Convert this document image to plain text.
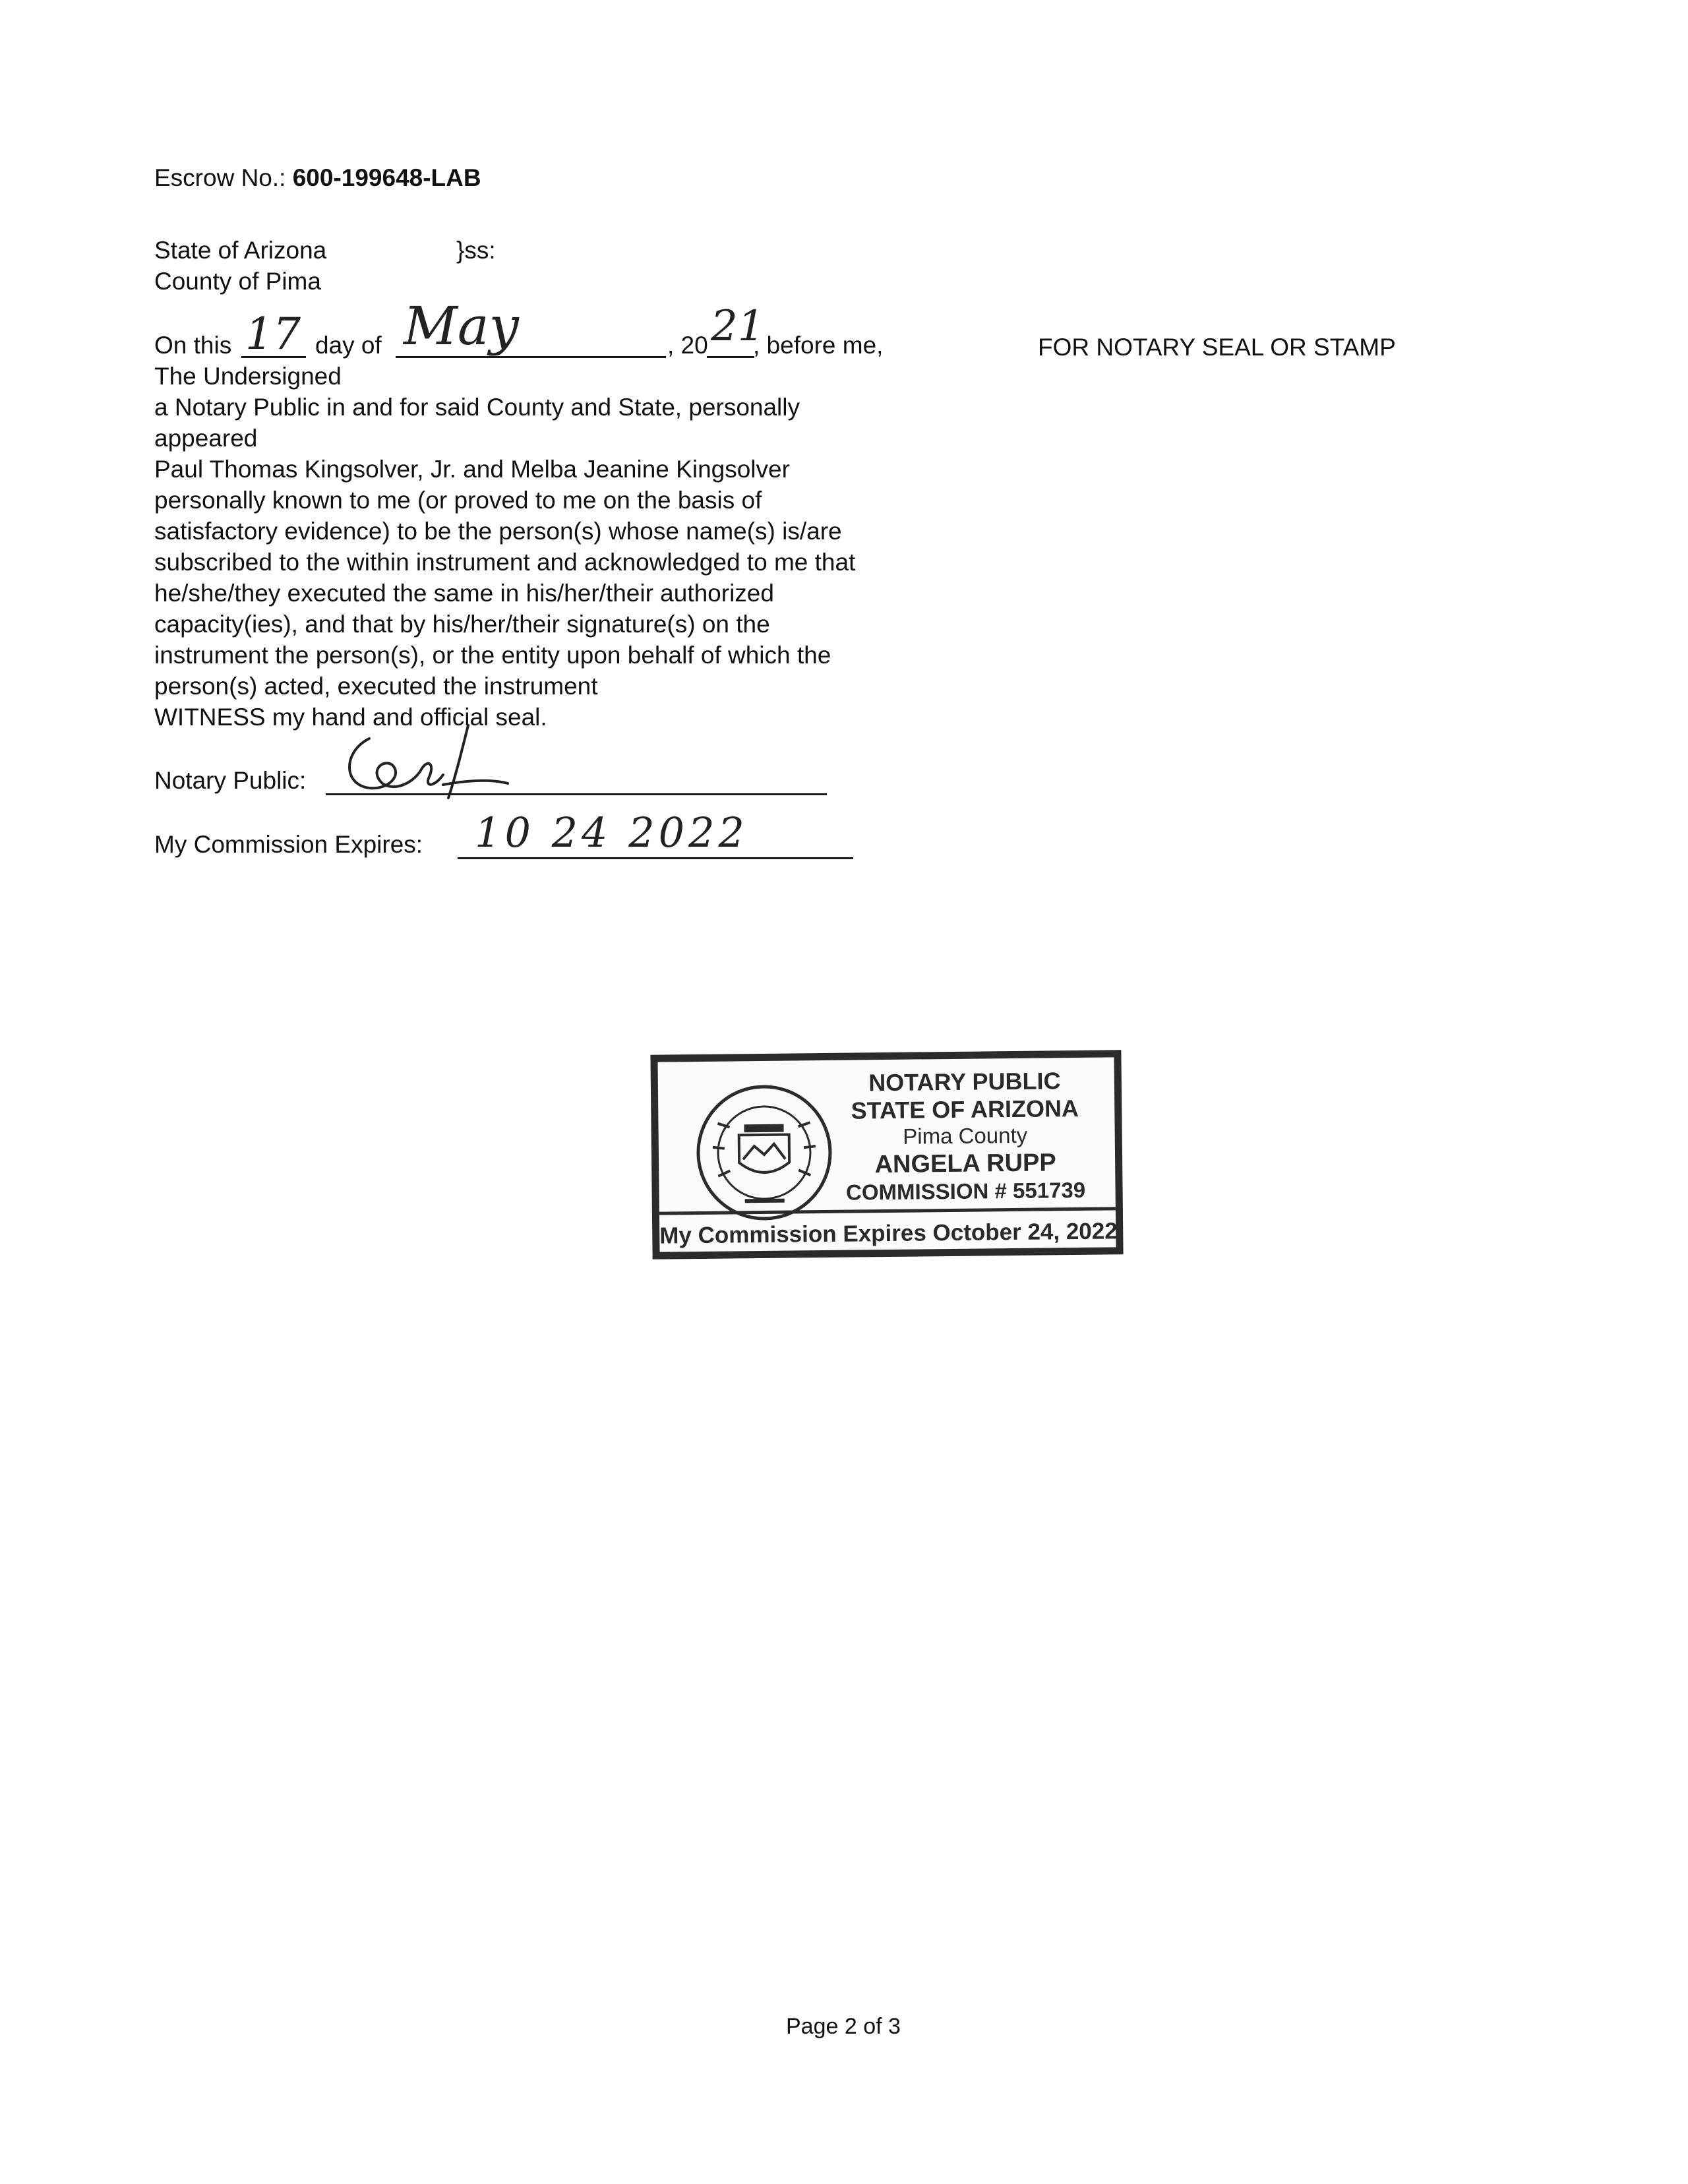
Escrow No.: 600-199648-LAB
State of Arizona	}ss:
County of Pima
On this 17 day of May	, 20 21
, before me,	FOR NOTARY SEAL OR STAMP
The Undersigned
a Notary Public in and for said County and State, personally
appeared
Paul Thomas Kingsolver, Jr. and Melba Jeanine Kingsolver
personally known to me (or proved to me on the basis of
satisfactory evidence) to be the person(s) whose name(s) is/are
subscribed to the within instrument and acknowledged to me that
he/she/they executed the same in his/her/their authorized
capacity(ies), and that by his/her/their signature(s) on the
instrument the person(s), or the entity upon behalf of which the
person(s) acted, executed the instrument
WITNESS my hand and official seal.
Notary Public:
My Commission Expires: 10 24 2022
NOTARY PUBLIC
STATE OF ARIZONA
Pima County
ANGELA RUPP
COMMISSION # 551739
My Commission Expires October 24, 2022
Page 2 of 3
